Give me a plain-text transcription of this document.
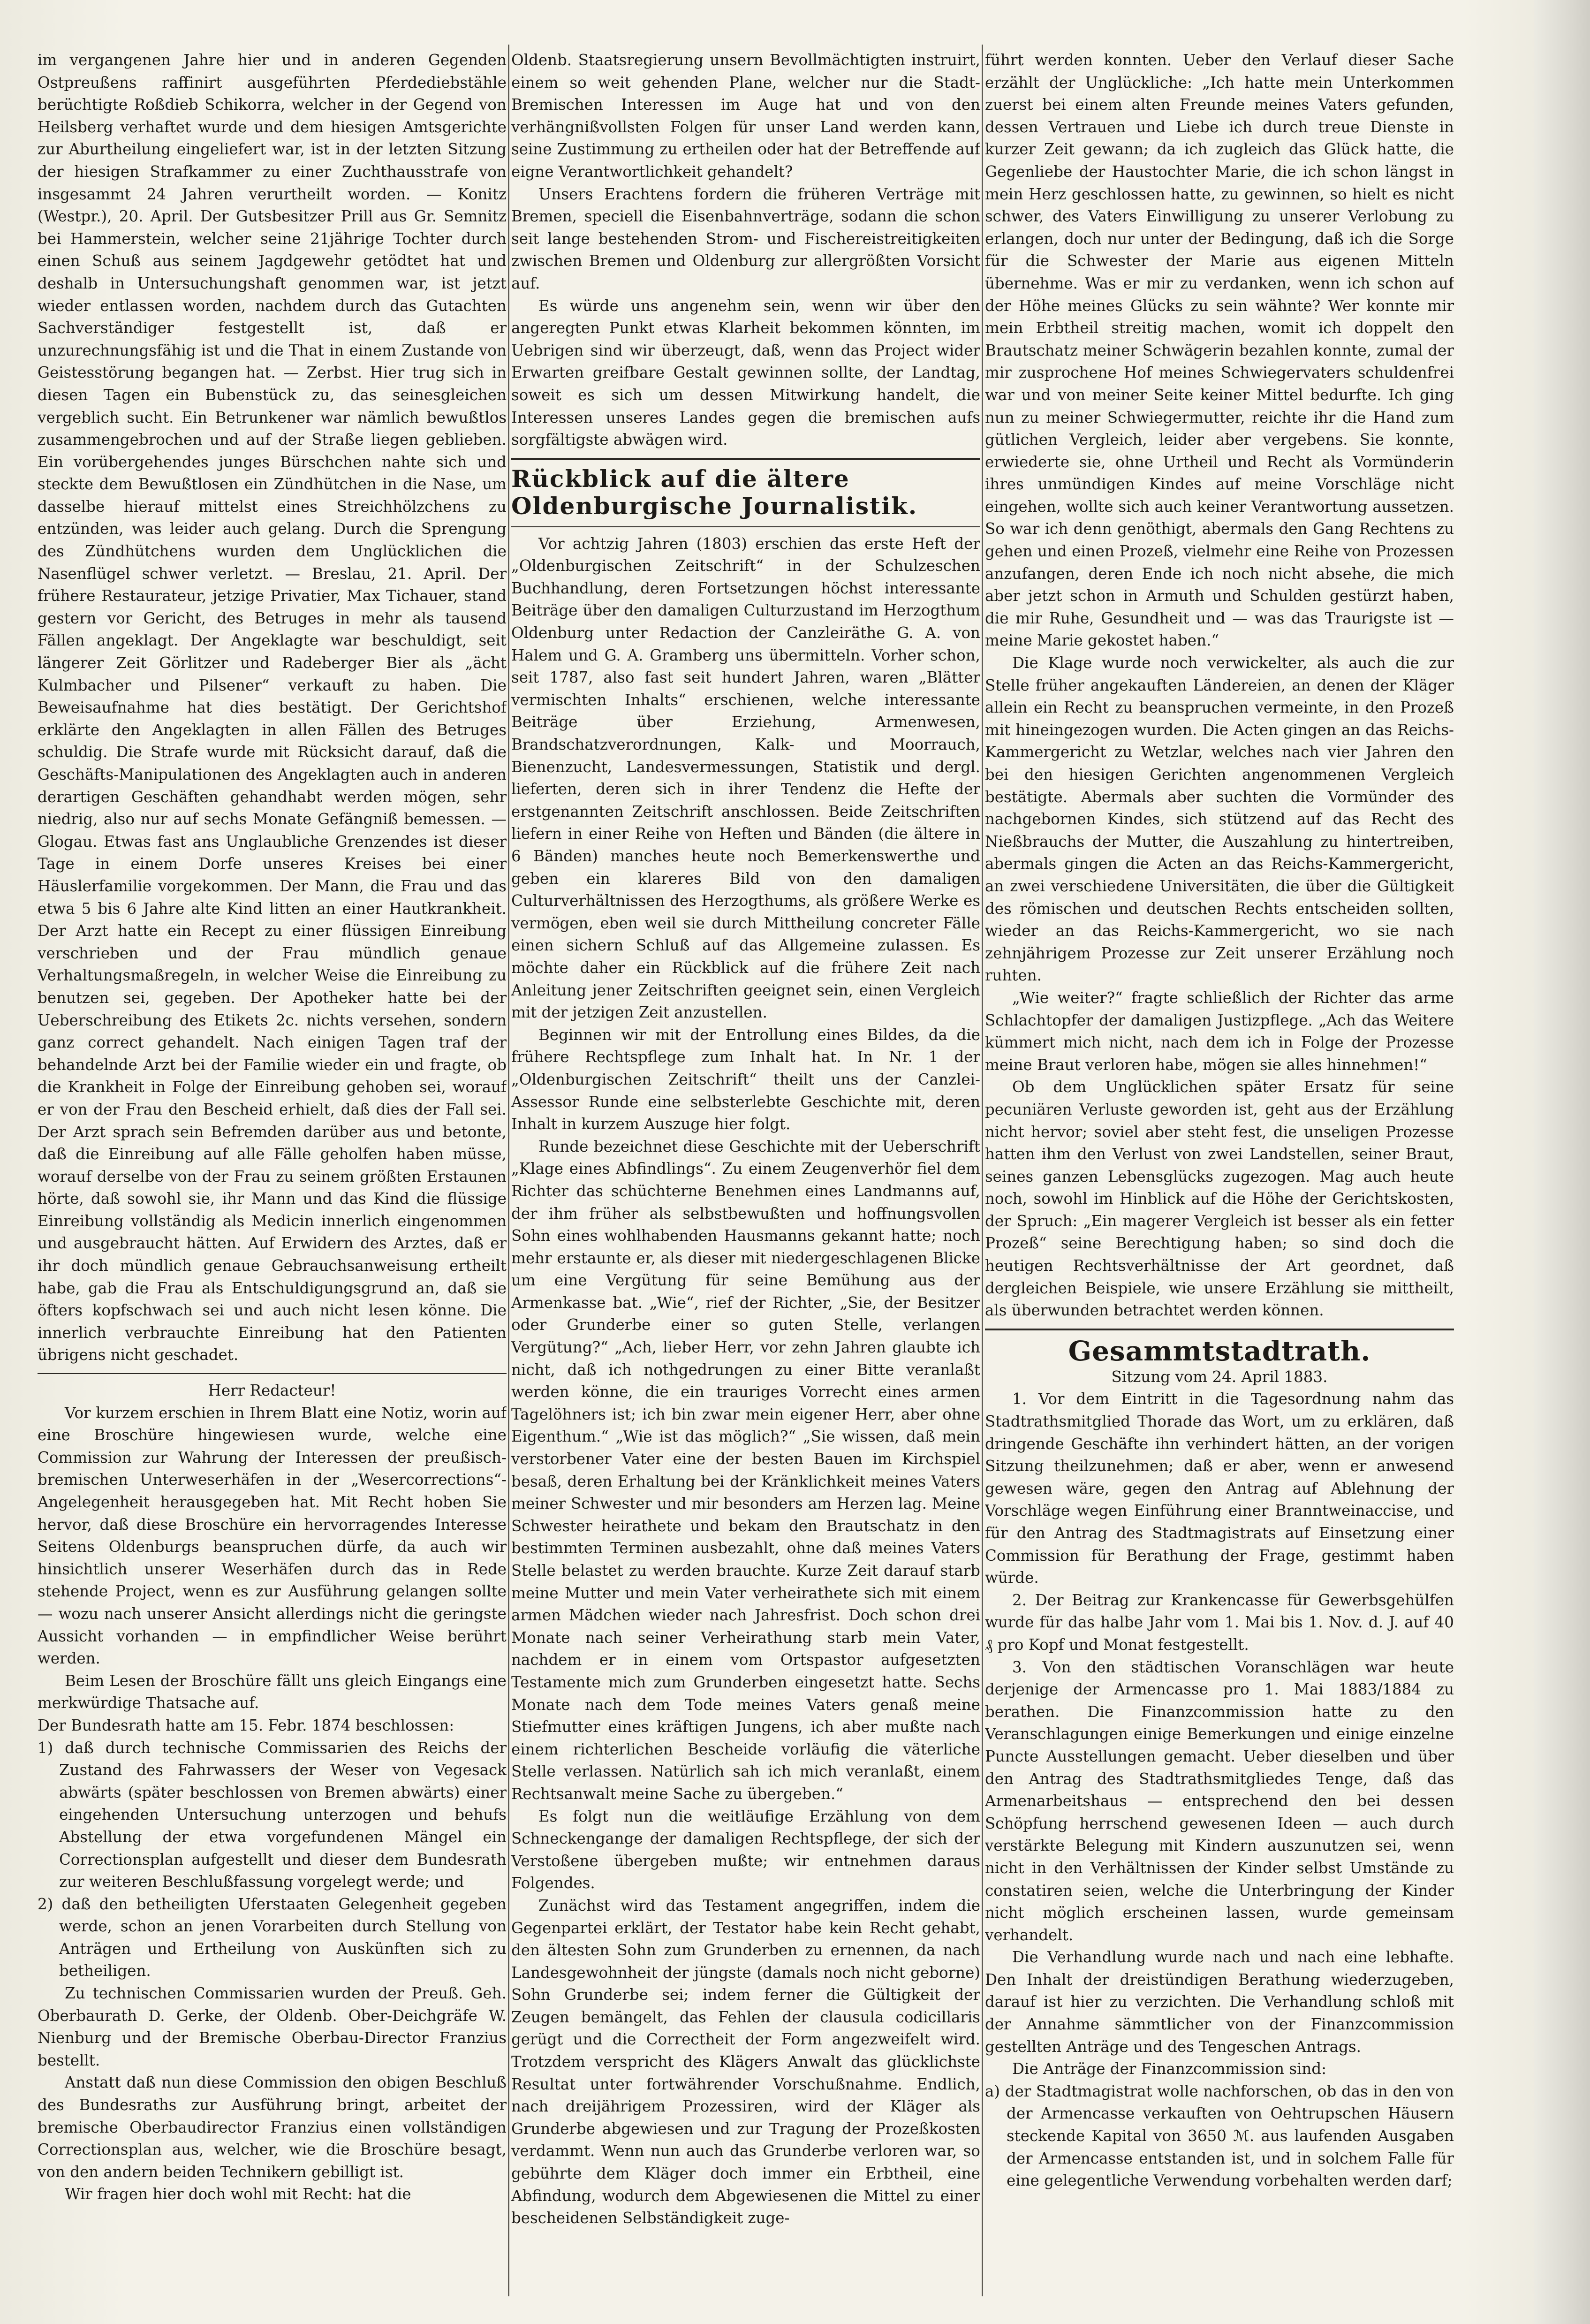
im vergangenen Jahre hier und in anderen Gegenden Ostpreußens raffinirt ausgeführten Pferdediebstähle berüchtigte Roßdieb Schikorra, welcher in der Gegend von Heilsberg verhaftet wurde und dem hiesigen Amtsgerichte zur Aburtheilung eingeliefert war, ist in der letzten Sitzung der hiesigen Strafkammer zu einer Zuchthausstrafe von insgesammt 24 Jahren verurtheilt worden. — Konitz (Westpr.), 20. April. Der Gutsbesitzer Prill aus Gr. Semnitz bei Hammerstein, welcher seine 21jährige Tochter durch einen Schuß aus seinem Jagdgewehr getödtet hat und deshalb in Untersuchungshaft genommen war, ist jetzt wieder entlassen worden, nachdem durch das Gutachten Sachverständiger festgestellt ist, daß er unzurechnungsfähig ist und die That in einem Zustande von Geistesstörung begangen hat. — Zerbst. Hier trug sich in diesen Tagen ein Bubenstück zu, das seinesgleichen vergeblich sucht. Ein Betrunkener war nämlich bewußtlos zusammengebrochen und auf der Straße liegen geblieben. Ein vorübergehendes junges Bürschchen nahte sich und steckte dem Bewußtlosen ein Zündhütchen in die Nase, um dasselbe hierauf mittelst eines Streichhölzchens zu entzünden, was leider auch gelang. Durch die Sprengung des Zündhütchens wurden dem Unglücklichen die Nasenflügel schwer verletzt. — Breslau, 21. April. Der frühere Restaurateur, jetzige Privatier, Max Tichauer, stand gestern vor Gericht, des Betruges in mehr als tausend Fällen angeklagt. Der Angeklagte war beschuldigt, seit längerer Zeit Görlitzer und Radeberger Bier als „ächt Kulmbacher und Pilsener“ verkauft zu haben. Die Beweisaufnahme hat dies bestätigt. Der Gerichtshof erklärte den Angeklagten in allen Fällen des Betruges schuldig. Die Strafe wurde mit Rücksicht darauf, daß die Geschäfts-Manipulationen des Angeklagten auch in anderen derartigen Geschäften gehandhabt werden mögen, sehr niedrig, also nur auf sechs Monate Gefängniß bemessen. — Glogau. Etwas fast ans Unglaubliche Grenzendes ist dieser Tage in einem Dorfe unseres Kreises bei einer Häuslerfamilie vorgekommen. Der Mann, die Frau und das etwa 5 bis 6 Jahre alte Kind litten an einer Hautkrankheit. Der Arzt hatte ein Recept zu einer flüssigen Einreibung verschrieben und der Frau mündlich genaue Verhaltungsmaßregeln, in welcher Weise die Einreibung zu benutzen sei, gegeben. Der Apotheker hatte bei der Ueberschreibung des Etikets 2c. nichts versehen, sondern ganz correct gehandelt. Nach einigen Tagen traf der behandelnde Arzt bei der Familie wieder ein und fragte, ob die Krankheit in Folge der Einreibung gehoben sei, worauf er von der Frau den Bescheid erhielt, daß dies der Fall sei. Der Arzt sprach sein Befremden darüber aus und betonte, daß die Einreibung auf alle Fälle geholfen haben müsse, worauf derselbe von der Frau zu seinem größten Erstaunen hörte, daß sowohl sie, ihr Mann und das Kind die flüssige Einreibung vollständig als Medicin innerlich eingenommen und ausgebraucht hätten. Auf Erwidern des Arztes, daß er ihr doch mündlich genaue Gebrauchsanweisung ertheilt habe, gab die Frau als Entschuldigungsgrund an, daß sie öfters kopfschwach sei und auch nicht lesen könne. Die innerlich verbrauchte Einreibung hat den Patienten übrigens nicht geschadet.

Herr Redacteur!

Vor kurzem erschien in Ihrem Blatt eine Notiz, worin auf eine Broschüre hingewiesen wurde, welche eine Commission zur Wahrung der Interessen der preußisch-bremischen Unterweserhäfen in der „Wesercorrections“-Angelegenheit herausgegeben hat. Mit Recht hoben Sie hervor, daß diese Broschüre ein hervorragendes Interesse Seitens Oldenburgs beanspruchen dürfe, da auch wir hinsichtlich unserer Weserhäfen durch das in Rede stehende Project, wenn es zur Ausführung gelangen sollte — wozu nach unserer Ansicht allerdings nicht die geringste Aussicht vorhanden — in empfindlicher Weise berührt werden.

Beim Lesen der Broschüre fällt uns gleich Eingangs eine merkwürdige Thatsache auf.

Der Bundesrath hatte am 15. Febr. 1874 beschlossen:

1) daß durch technische Commissarien des Reichs der Zustand des Fahrwassers der Weser von Vegesack abwärts (später beschlossen von Bremen abwärts) einer eingehenden Untersuchung unterzogen und behufs Abstellung der etwa vorgefundenen Mängel ein Correctionsplan aufgestellt und dieser dem Bundesrath zur weiteren Beschlußfassung vorgelegt werde; und

2) daß den betheiligten Uferstaaten Gelegenheit gegeben werde, schon an jenen Vorarbeiten durch Stellung von Anträgen und Ertheilung von Auskünften sich zu betheiligen.

Zu technischen Commissarien wurden der Preuß. Geh. Oberbaurath D. Gerke, der Oldenb. Ober-Deichgräfe W. Nienburg und der Bremische Oberbau-Director Franzius bestellt.

Anstatt daß nun diese Commission den obigen Beschluß des Bundesraths zur Ausführung bringt, arbeitet der bremische Oberbaudirector Franzius einen vollständigen Correctionsplan aus, welcher, wie die Broschüre besagt, von den andern beiden Technikern gebilligt ist.

Wir fragen hier doch wohl mit Recht: hat die

Oldenb. Staatsregierung unsern Bevollmächtigten instruirt, einem so weit gehenden Plane, welcher nur die Stadt-Bremischen Interessen im Auge hat und von den verhängnißvollsten Folgen für unser Land werden kann, seine Zustimmung zu ertheilen oder hat der Betreffende auf eigne Verantwortlichkeit gehandelt?

Unsers Erachtens fordern die früheren Verträge mit Bremen, speciell die Eisenbahnverträge, sodann die schon seit lange bestehenden Strom- und Fischereistreitigkeiten zwischen Bremen und Oldenburg zur allergrößten Vorsicht auf.

Es würde uns angenehm sein, wenn wir über den angeregten Punkt etwas Klarheit bekommen könnten, im Uebrigen sind wir überzeugt, daß, wenn das Project wider Erwarten greifbare Gestalt gewinnen sollte, der Landtag, soweit es sich um dessen Mitwirkung handelt, die Interessen unseres Landes gegen die bremischen aufs sorgfältigste abwägen wird.

Rückblick auf die ältere Oldenburgische Journalistik.

Vor achtzig Jahren (1803) erschien das erste Heft der „Oldenburgischen Zeitschrift“ in der Schulzeschen Buchhandlung, deren Fortsetzungen höchst interessante Beiträge über den damaligen Culturzustand im Herzogthum Oldenburg unter Redaction der Canzleiräthe G. A. von Halem und G. A. Gramberg uns übermitteln. Vorher schon, seit 1787, also fast seit hundert Jahren, waren „Blätter vermischten Inhalts“ erschienen, welche interessante Beiträge über Erziehung, Armenwesen, Brandschatzverordnungen, Kalk- und Moorrauch, Bienenzucht, Landesvermessungen, Statistik und dergl. lieferten, deren sich in ihrer Tendenz die Hefte der erstgenannten Zeitschrift anschlossen. Beide Zeitschriften liefern in einer Reihe von Heften und Bänden (die ältere in 6 Bänden) manches heute noch Bemerkenswerthe und geben ein klareres Bild von den damaligen Culturverhältnissen des Herzogthums, als größere Werke es vermögen, eben weil sie durch Mittheilung concreter Fälle einen sichern Schluß auf das Allgemeine zulassen. Es möchte daher ein Rückblick auf die frühere Zeit nach Anleitung jener Zeitschriften geeignet sein, einen Vergleich mit der jetzigen Zeit anzustellen.

Beginnen wir mit der Entrollung eines Bildes, da die frühere Rechtspflege zum Inhalt hat. In Nr. 1 der „Oldenburgischen Zeitschrift“ theilt uns der Canzlei-Assessor Runde eine selbsterlebte Geschichte mit, deren Inhalt in kurzem Auszuge hier folgt.

Runde bezeichnet diese Geschichte mit der Ueberschrift „Klage eines Abfindlings“. Zu einem Zeugenverhör fiel dem Richter das schüchterne Benehmen eines Landmanns auf, der ihm früher als selbstbewußten und hoffnungsvollen Sohn eines wohlhabenden Hausmanns gekannt hatte; noch mehr erstaunte er, als dieser mit niedergeschlagenen Blicke um eine Vergütung für seine Bemühung aus der Armenkasse bat. „Wie“, rief der Richter, „Sie, der Besitzer oder Grunderbe einer so guten Stelle, verlangen Vergütung?“ „Ach, lieber Herr, vor zehn Jahren glaubte ich nicht, daß ich nothgedrungen zu einer Bitte veranlaßt werden könne, die ein trauriges Vorrecht eines armen Tagelöhners ist; ich bin zwar mein eigener Herr, aber ohne Eigenthum.“ „Wie ist das möglich?“ „Sie wissen, daß mein verstorbener Vater eine der besten Bauen im Kirchspiel besaß, deren Erhaltung bei der Kränklichkeit meines Vaters meiner Schwester und mir besonders am Herzen lag. Meine Schwester heirathete und bekam den Brautschatz in den bestimmten Terminen ausbezahlt, ohne daß meines Vaters Stelle belastet zu werden brauchte. Kurze Zeit darauf starb meine Mutter und mein Vater verheirathete sich mit einem armen Mädchen wieder nach Jahresfrist. Doch schon drei Monate nach seiner Verheirathung starb mein Vater, nachdem er in einem vom Ortspastor aufgesetzten Testamente mich zum Grunderben eingesetzt hatte. Sechs Monate nach dem Tode meines Vaters genaß meine Stiefmutter eines kräftigen Jungens, ich aber mußte nach einem richterlichen Bescheide vorläufig die väterliche Stelle verlassen. Natürlich sah ich mich veranlaßt, einem Rechtsanwalt meine Sache zu übergeben.“

Es folgt nun die weitläufige Erzählung von dem Schneckengange der damaligen Rechtspflege, der sich der Verstoßene übergeben mußte; wir entnehmen daraus Folgendes.

Zunächst wird das Testament angegriffen, indem die Gegenpartei erklärt, der Testator habe kein Recht gehabt, den ältesten Sohn zum Grunderben zu ernennen, da nach Landesgewohnheit der jüngste (damals noch nicht geborne) Sohn Grunderbe sei; indem ferner die Gültigkeit der Zeugen bemängelt, das Fehlen der clausula codicillaris gerügt und die Correctheit der Form angezweifelt wird. Trotzdem verspricht des Klägers Anwalt das glücklichste Resultat unter fortwährender Vorschußnahme. Endlich, nach dreijährigem Prozessiren, wird der Kläger als Grunderbe abgewiesen und zur Tragung der Prozeßkosten verdammt. Wenn nun auch das Grunderbe verloren war, so gebührte dem Kläger doch immer ein Erbtheil, eine Abfindung, wodurch dem Abgewiesenen die Mittel zu einer bescheidenen Selbständigkeit zuge-

führt werden konnten. Ueber den Verlauf dieser Sache erzählt der Unglückliche: „Ich hatte mein Unterkommen zuerst bei einem alten Freunde meines Vaters gefunden, dessen Vertrauen und Liebe ich durch treue Dienste in kurzer Zeit gewann; da ich zugleich das Glück hatte, die Gegenliebe der Haustochter Marie, die ich schon längst in mein Herz geschlossen hatte, zu gewinnen, so hielt es nicht schwer, des Vaters Einwilligung zu unserer Verlobung zu erlangen, doch nur unter der Bedingung, daß ich die Sorge für die Schwester der Marie aus eigenen Mitteln übernehme. Was er mir zu verdanken, wenn ich schon auf der Höhe meines Glücks zu sein wähnte? Wer konnte mir mein Erbtheil streitig machen, womit ich doppelt den Brautschatz meiner Schwägerin bezahlen konnte, zumal der mir zusprochene Hof meines Schwiegervaters schuldenfrei war und von meiner Seite keiner Mittel bedurfte. Ich ging nun zu meiner Schwiegermutter, reichte ihr die Hand zum gütlichen Vergleich, leider aber vergebens. Sie konnte, erwiederte sie, ohne Urtheil und Recht als Vormünderin ihres unmündigen Kindes auf meine Vorschläge nicht eingehen, wollte sich auch keiner Verantwortung aussetzen. So war ich denn genöthigt, abermals den Gang Rechtens zu gehen und einen Prozeß, vielmehr eine Reihe von Prozessen anzufangen, deren Ende ich noch nicht absehe, die mich aber jetzt schon in Armuth und Schulden gestürzt haben, die mir Ruhe, Gesundheit und — was das Traurigste ist — meine Marie gekostet haben.“

Die Klage wurde noch verwickelter, als auch die zur Stelle früher angekauften Ländereien, an denen der Kläger allein ein Recht zu beanspruchen vermeinte, in den Prozeß mit hineingezogen wurden. Die Acten gingen an das Reichs-Kammergericht zu Wetzlar, welches nach vier Jahren den bei den hiesigen Gerichten angenommenen Vergleich bestätigte. Abermals aber suchten die Vormünder des nachgebornen Kindes, sich stützend auf das Recht des Nießbrauchs der Mutter, die Auszahlung zu hintertreiben, abermals gingen die Acten an das Reichs-Kammergericht, an zwei verschiedene Universitäten, die über die Gültigkeit des römischen und deutschen Rechts entscheiden sollten, wieder an das Reichs-Kammergericht, wo sie nach zehnjährigem Prozesse zur Zeit unserer Erzählung noch ruhten.

„Wie weiter?“ fragte schließlich der Richter das arme Schlachtopfer der damaligen Justizpflege. „Ach das Weitere kümmert mich nicht, nach dem ich in Folge der Prozesse meine Braut verloren habe, mögen sie alles hinnehmen!“

Ob dem Unglücklichen später Ersatz für seine pecuniären Verluste geworden ist, geht aus der Erzählung nicht hervor; soviel aber steht fest, die unseligen Prozesse hatten ihm den Verlust von zwei Landstellen, seiner Braut, seines ganzen Lebensglücks zugezogen. Mag auch heute noch, sowohl im Hinblick auf die Höhe der Gerichtskosten, der Spruch: „Ein magerer Vergleich ist besser als ein fetter Prozeß“ seine Berechtigung haben; so sind doch die heutigen Rechtsverhältnisse der Art geordnet, daß dergleichen Beispiele, wie unsere Erzählung sie mittheilt, als überwunden betrachtet werden können.

Gesammtstadtrath.

Sitzung vom 24. April 1883.

1. Vor dem Eintritt in die Tagesordnung nahm das Stadtrathsmitglied Thorade das Wort, um zu erklären, daß dringende Geschäfte ihn verhindert hätten, an der vorigen Sitzung theilzunehmen; daß er aber, wenn er anwesend gewesen wäre, gegen den Antrag auf Ablehnung der Vorschläge wegen Einführung einer Branntweinaccise, und für den Antrag des Stadtmagistrats auf Einsetzung einer Commission für Berathung der Frage, gestimmt haben würde.

2. Der Beitrag zur Krankencasse für Gewerbsgehülfen wurde für das halbe Jahr vom 1. Mai bis 1. Nov. d. J. auf 40 ₰ pro Kopf und Monat festgestellt.

3. Von den städtischen Voranschlägen war heute derjenige der Armencasse pro 1. Mai 1883/1884 zu berathen. Die Finanzcommission hatte zu den Veranschlagungen einige Bemerkungen und einige einzelne Puncte Ausstellungen gemacht. Ueber dieselben und über den Antrag des Stadtrathsmitgliedes Tenge, daß das Armenarbeitshaus — entsprechend den bei dessen Schöpfung herrschend gewesenen Ideen — auch durch verstärkte Belegung mit Kindern auszunutzen sei, wenn nicht in den Verhältnissen der Kinder selbst Umstände zu constatiren seien, welche die Unterbringung der Kinder nicht möglich erscheinen lassen, wurde gemeinsam verhandelt.

Die Verhandlung wurde nach und nach eine lebhafte. Den Inhalt der dreistündigen Berathung wiederzugeben, darauf ist hier zu verzichten. Die Verhandlung schloß mit der Annahme sämmtlicher von der Finanzcommission gestellten Anträge und des Tengeschen Antrags.

Die Anträge der Finanzcommission sind:

a) der Stadtmagistrat wolle nachforschen, ob das in den von der Armencasse verkauften von Oehtrupschen Häusern steckende Kapital von 3650 ℳ. aus laufenden Ausgaben der Armencasse entstanden ist, und in solchem Falle für eine gelegentliche Verwendung vorbehalten werden darf;
